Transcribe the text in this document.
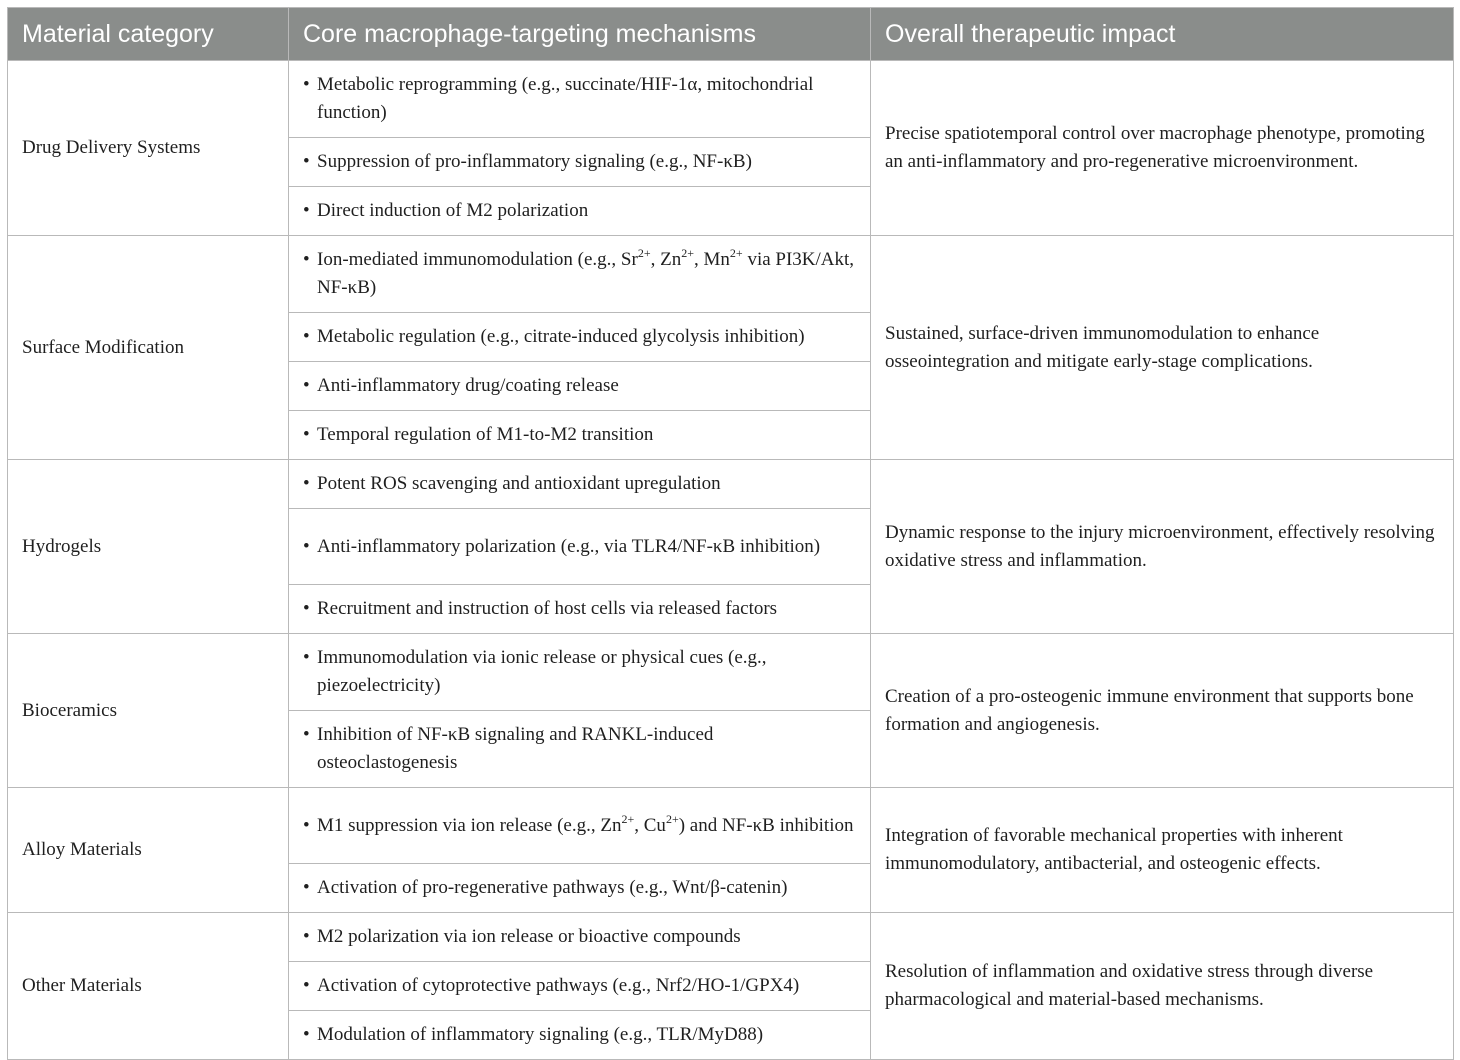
Material category	Core macrophage-targeting mechanisms	Overall therapeutic impact
Drug Delivery Systems	• Metabolic reprogramming (e.g., succinate/HIF-1α, mitochondrial function)	Precise spatiotemporal control over macrophage phenotype, promoting an anti-inflammatory and pro-regenerative microenvironment.

	• Suppression of pro-inflammatory signaling (e.g., NF-κB)	

	• Direct induction of M2 polarization	

Surface Modification	• Ion-mediated immunomodulation (e.g., $Sr^{2+}$, $Zn^{2+}$, $Mn^{2+}$ via PI3K/Akt, NF-κB)	Sustained, surface-driven immunomodulation to enhance osseointegration and mitigate early-stage complications.

	• Metabolic regulation (e.g., citrate-induced glycolysis inhibition)	

	• Anti-inflammatory drug/coating release	

	• Temporal regulation of M1-to-M2 transition	

Hydrogels	• Potent ROS scavenging and antioxidant upregulation	Dynamic response to the injury microenvironment, effectively resolving oxidative stress and inflammation.

	• Anti-inflammatory polarization (e.g., via TLR4/NF-κB inhibition)	

	• Recruitment and instruction of host cells via released factors	

Bioceramics	• Immunomodulation via ionic release or physical cues (e.g., piezoelectricity)	Creation of a pro-osteogenic immune environment that supports bone formation and angiogenesis.

	• Inhibition of NF-κB signaling and RANKL-induced osteoclastogenesis	

Alloy Materials	• M1 suppression via ion release (e.g., $Zn^{2+}$, $Cu^{2+}$) and NF-κB inhibition	Integration of favorable mechanical properties with inherent immunomodulatory, antibacterial, and osteogenic effects.

	• Activation of pro-regenerative pathways (e.g., Wnt/β-catenin)	

Other Materials	• M2 polarization via ion release or bioactive compounds	Resolution of inflammation and oxidative stress through diverse pharmacological and material-based mechanisms.

	• Activation of cytoprotective pathways (e.g., Nrf2/HO-1/GPX4)	

	• Modulation of inflammatory signaling (e.g., TLR/MyD88)	
